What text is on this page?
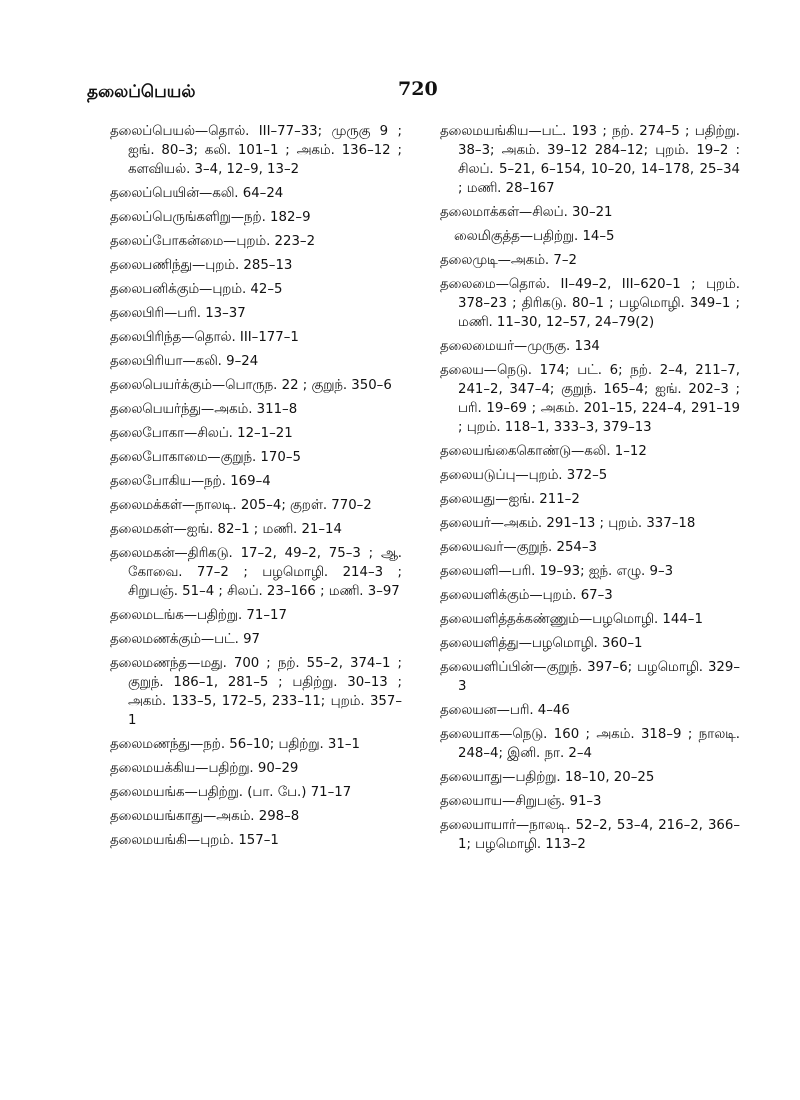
தலைப்பெயல்	720

தலைப்பெயல்—தொல். III–77–33; முருகு 9 ; ஐங். 80–3; கலி. 101–1 ; அகம். 136–12 ; களவியல். 3–4, 12–9, 13–2

தலைப்பெயின்—கலி. 64–24

தலைப்பெருங்களிறு—நற். 182–9

தலைப்போகன்மை—புறம். 223–2

தலைபணிந்து—புறம். 285–13

தலைபனிக்கும்—புறம். 42–5

தலைபிரி—பரி. 13–37

தலைபிரிந்த—தொல். III–177–1

தலைபிரியா—கலி. 9–24

தலைபெயர்க்கும்—பொருந. 22 ; குறுந். 350–6

தலைபெயர்ந்து—அகம். 311–8

தலைபோகா—சிலப். 12–1–21

தலைபோகாமை—குறுந். 170–5

தலைபோகிய—நற். 169–4

தலைமக்கள்—நாலடி. 205–4; குறள். 770–2

தலைமகள்—ஐங். 82–1 ; மணி. 21–14

தலைமகன்—திரிகடு. 17–2, 49–2, 75–3 ; ஆ. கோவை. 77–2 ; பழமொழி. 214–3 ; சிறுபஞ். 51–4 ; சிலப். 23–166 ; மணி. 3–97

தலைமடங்க—பதிற்று. 71–17

தலைமணக்கும்—பட். 97

தலைமணந்த—மது. 700 ; நற். 55–2, 374–1 ; குறுந். 186–1, 281–5 ; பதிற்று. 30–13 ; அகம். 133–5, 172–5, 233–11; புறம். 357–1

தலைமணந்து—நற். 56–10; பதிற்று. 31–1

தலைமயக்கிய—பதிற்று. 90–29

தலைமயங்க—பதிற்று. (பா. பே.) 71–17

தலைமயங்காது—அகம். 298–8

தலைமயங்கி—புறம். 157–1

தலைமயங்கிய—பட். 193 ; நற். 274–5 ; பதிற்று. 38–3; அகம். 39–12 284–12; புறம். 19–2 : சிலப். 5–21, 6–154, 10–20, 14–178, 25–34 ; மணி. 28–167

தலைமாக்கள்—சிலப். 30–21

லைமிகுத்த—பதிற்று. 14–5

தலைமுடி—அகம். 7–2

தலைமை—தொல். II–49–2, III–620–1 ; புறம். 378–23 ; திரிகடு. 80–1 ; பழமொழி. 349–1 ; மணி. 11–30, 12–57, 24–79(2)

தலைமையர்—முருகு. 134

தலைய—நெடு. 174; பட். 6; நற். 2–4, 211–7, 241–2, 347–4; குறுந். 165–4; ஐங். 202–3 ; பரி. 19–69 ; அகம். 201–15, 224–4, 291–19 ; புறம். 118–1, 333–3, 379–13

தலையங்கைகொண்டு—கலி. 1–12

தலையடுப்பு—புறம். 372–5

தலையது—ஐங். 211–2

தலையர்—அகம். 291–13 ; புறம். 337–18

தலையவர்—குறுந். 254–3

தலையளி—பரி. 19–93; ஐந். எழு. 9–3

தலையளிக்கும்—புறம். 67–3

தலையளித்தக்கண்ணும்—பழமொழி. 144–1

தலையளித்து—பழமொழி. 360–1

தலையளிப்பின்—குறுந். 397–6; பழமொழி. 329–3

தலையன—பரி. 4–46

தலையாக—நெடு. 160 ; அகம். 318–9 ; நாலடி. 248–4; இனி. நா. 2–4

தலையாது—பதிற்று. 18–10, 20–25

தலையாய—சிறுபஞ். 91–3

தலையாயார்—நாலடி. 52–2, 53–4, 216–2, 366–1; பழமொழி. 113–2
